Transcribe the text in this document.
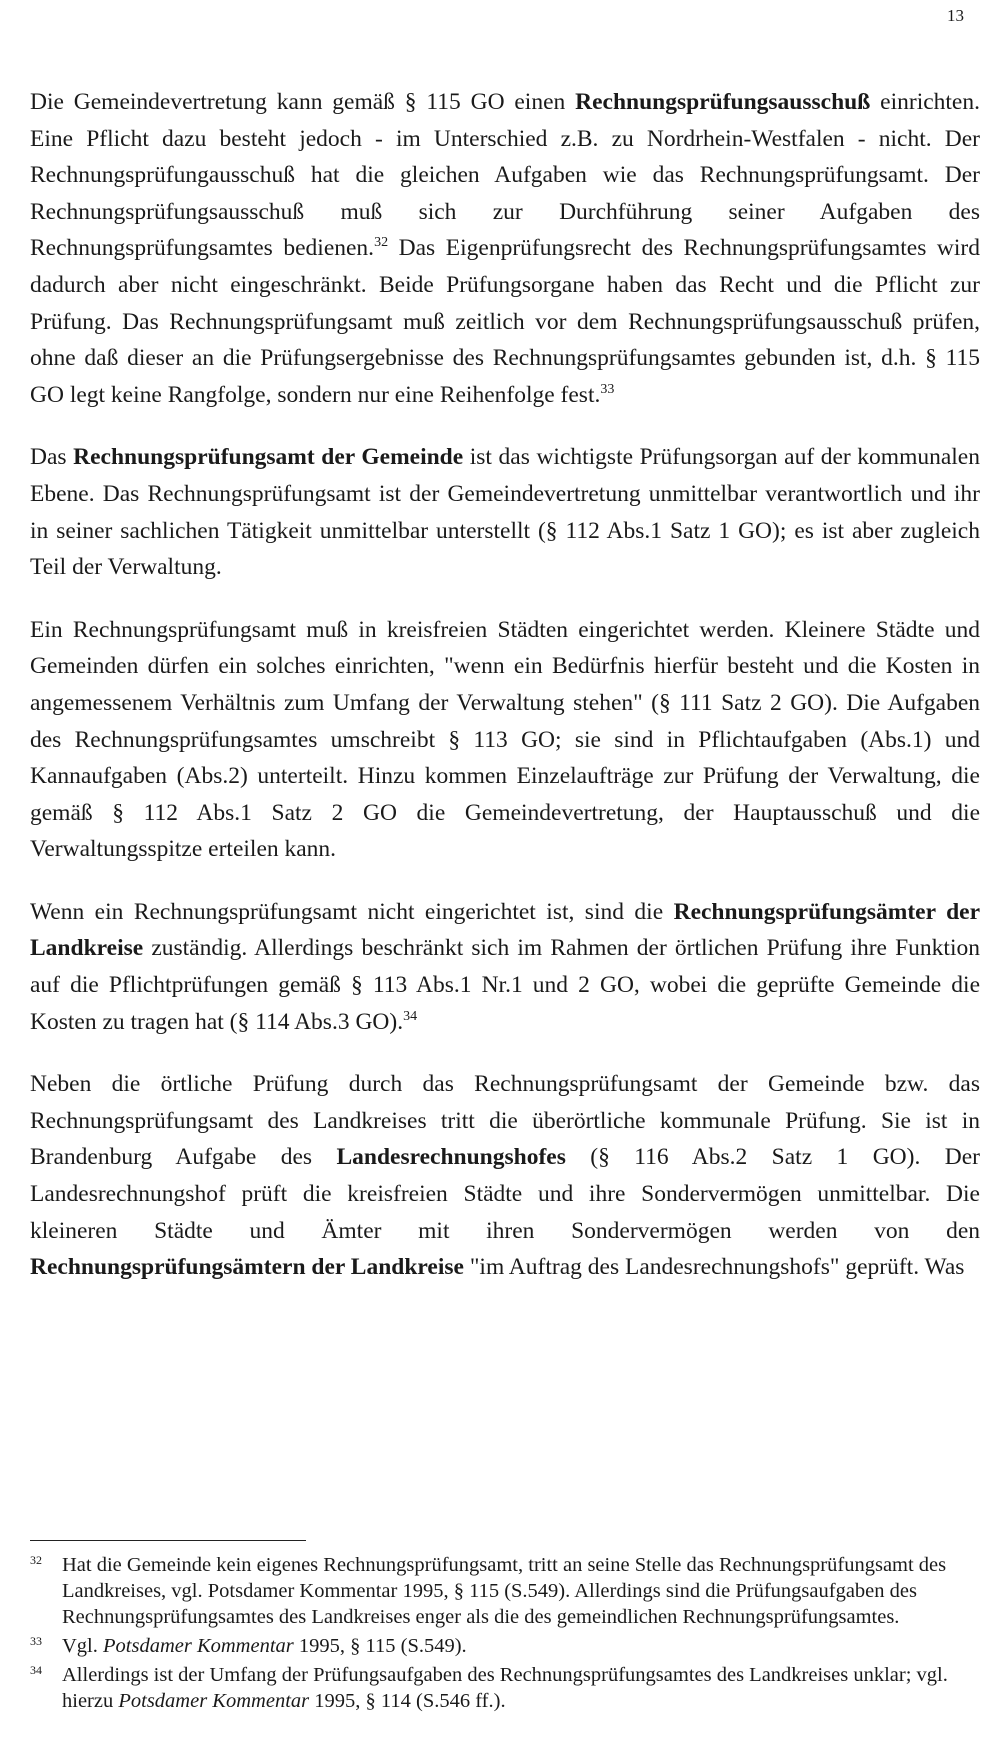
13

Die Gemeindevertretung kann gemäß § 115 GO einen Rechnungsprüfungsausschuß einrichten. Eine Pflicht dazu besteht jedoch - im Unterschied z.B. zu Nordrhein-Westfalen - nicht. Der Rechnungsprüfungausschuß hat die gleichen Aufgaben wie das Rechnungsprüfungsamt. Der Rechnungsprüfungsausschuß muß sich zur Durchführung seiner Aufgaben des Rechnungsprüfungsamtes bedienen.$^{32}$ Das Eigenprüfungsrecht des Rechnungsprüfungsamtes wird dadurch aber nicht eingeschränkt. Beide Prüfungsorgane haben das Recht und die Pflicht zur Prüfung. Das Rechnungsprüfungsamt muß zeitlich vor dem Rechnungsprüfungsausschuß prüfen, ohne daß dieser an die Prüfungsergebnisse des Rechnungsprüfungsamtes gebunden ist, d.h. § 115 GO legt keine Rangfolge, sondern nur eine Reihenfolge fest.$^{33}$

Das Rechnungsprüfungsamt der Gemeinde ist das wichtigste Prüfungsorgan auf der kommunalen Ebene. Das Rechnungsprüfungsamt ist der Gemeindevertretung unmittelbar verantwortlich und ihr in seiner sachlichen Tätigkeit unmittelbar unterstellt (§ 112 Abs.1 Satz 1 GO); es ist aber zugleich Teil der Verwaltung.

Ein Rechnungsprüfungsamt muß in kreisfreien Städten eingerichtet werden. Kleinere Städte und Gemeinden dürfen ein solches einrichten, "wenn ein Bedürfnis hierfür besteht und die Kosten in angemessenem Verhältnis zum Umfang der Verwaltung stehen" (§ 111 Satz 2 GO). Die Aufgaben des Rechnungsprüfungsamtes umschreibt § 113 GO; sie sind in Pflichtaufgaben (Abs.1) und Kannaufgaben (Abs.2) unterteilt. Hinzu kommen Einzelaufträge zur Prüfung der Verwaltung, die gemäß § 112 Abs.1 Satz 2 GO die Gemeindevertretung, der Hauptausschuß und die Verwaltungsspitze erteilen kann.

Wenn ein Rechnungsprüfungsamt nicht eingerichtet ist, sind die Rechnungsprüfungsämter der Landkreise zuständig. Allerdings beschränkt sich im Rahmen der örtlichen Prüfung ihre Funktion auf die Pflichtprüfungen gemäß § 113 Abs.1 Nr.1 und 2 GO, wobei die geprüfte Gemeinde die Kosten zu tragen hat (§ 114 Abs.3 GO).$^{34}$

Neben die örtliche Prüfung durch das Rechnungsprüfungsamt der Gemeinde bzw. das Rechnungsprüfungsamt des Landkreises tritt die überörtliche kommunale Prüfung. Sie ist in Brandenburg Aufgabe des Landesrechnungshofes (§ 116 Abs.2 Satz 1 GO). Der Landesrechnungshof prüft die kreisfreien Städte und ihre Sondervermögen unmittelbar. Die kleineren Städte und Ämter mit ihren Sondervermögen werden von den Rechnungsprüfungsämtern der Landkreise "im Auftrag des Landesrechnungshofs" geprüft. Was

32 Hat die Gemeinde kein eigenes Rechnungsprüfungsamt, tritt an seine Stelle das Rechnungsprüfungsamt des Landkreises, vgl. Potsdamer Kommentar 1995, § 115 (S.549). Allerdings sind die Prüfungsaufgaben des Rechnungsprüfungsamtes des Landkreises enger als die des gemeindlichen Rechnungsprüfungsamtes.
33 Vgl. Potsdamer Kommentar 1995, § 115 (S.549).
34 Allerdings ist der Umfang der Prüfungsaufgaben des Rechnungsprüfungsamtes des Landkreises unklar; vgl. hierzu Potsdamer Kommentar 1995, § 114 (S.546 ff.).
